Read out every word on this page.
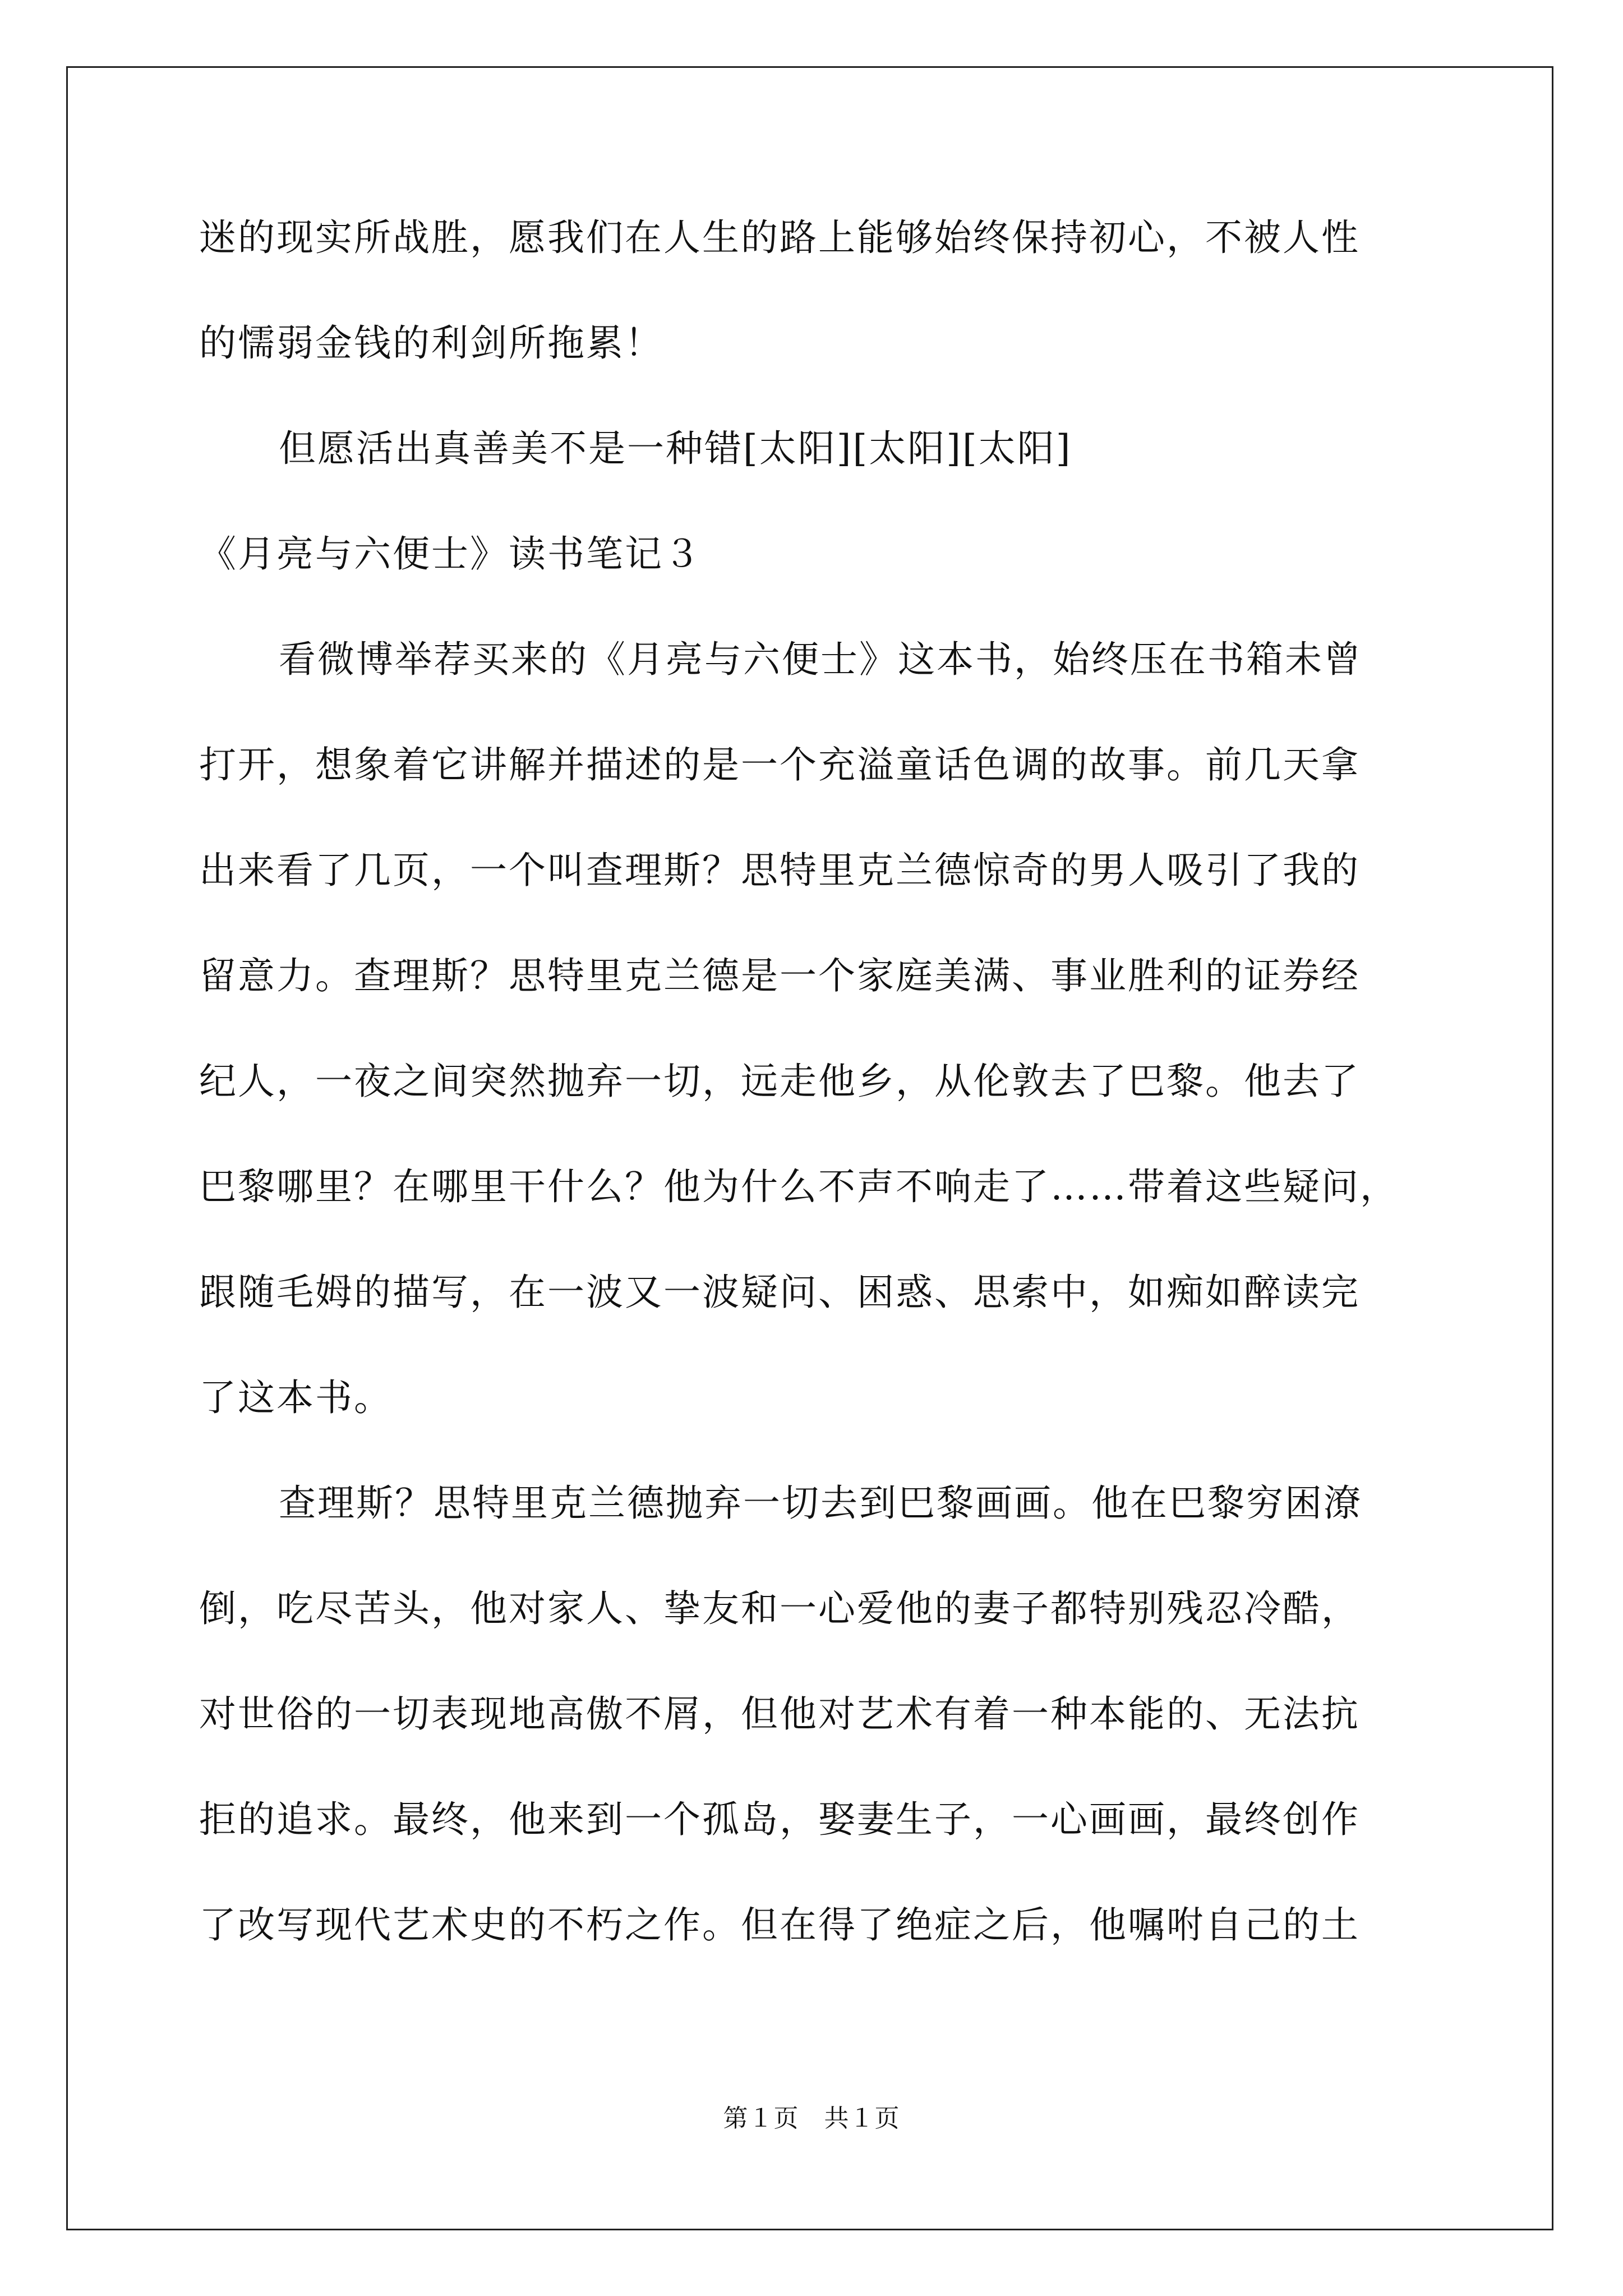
迷的现实所战胜，愿我们在人生的路上能够始终保持初心，不被人性
的懦弱金钱的利剑所拖累！
但愿活出真善美不是一种错[太阳][太阳][太阳]
《月亮与六便士》读书笔记３
看微博举荐买来的《月亮与六便士》这本书，始终压在书箱未曾
打开，想象着它讲解并描述的是一个充溢童话色调的故事。前几天拿
出来看了几页，一个叫查理斯？思特里克兰德惊奇的男人吸引了我的
留意力。查理斯？思特里克兰德是一个家庭美满、事业胜利的证券经
纪人，一夜之间突然抛弃一切，远走他乡，从伦敦去了巴黎。他去了
巴黎哪里？在哪里干什么？他为什么不声不响走了……带着这些疑问，
跟随毛姆的描写，在一波又一波疑问、困惑、思索中，如痴如醉读完
了这本书。
查理斯？思特里克兰德抛弃一切去到巴黎画画。他在巴黎穷困潦
倒，吃尽苦头，他对家人、挚友和一心爱他的妻子都特别残忍冷酷，
对世俗的一切表现地高傲不屑，但他对艺术有着一种本能的、无法抗
拒的追求。最终，他来到一个孤岛，娶妻生子，一心画画，最终创作
了改写现代艺术史的不朽之作。但在得了绝症之后，他嘱咐自己的土
第１页　共１页
